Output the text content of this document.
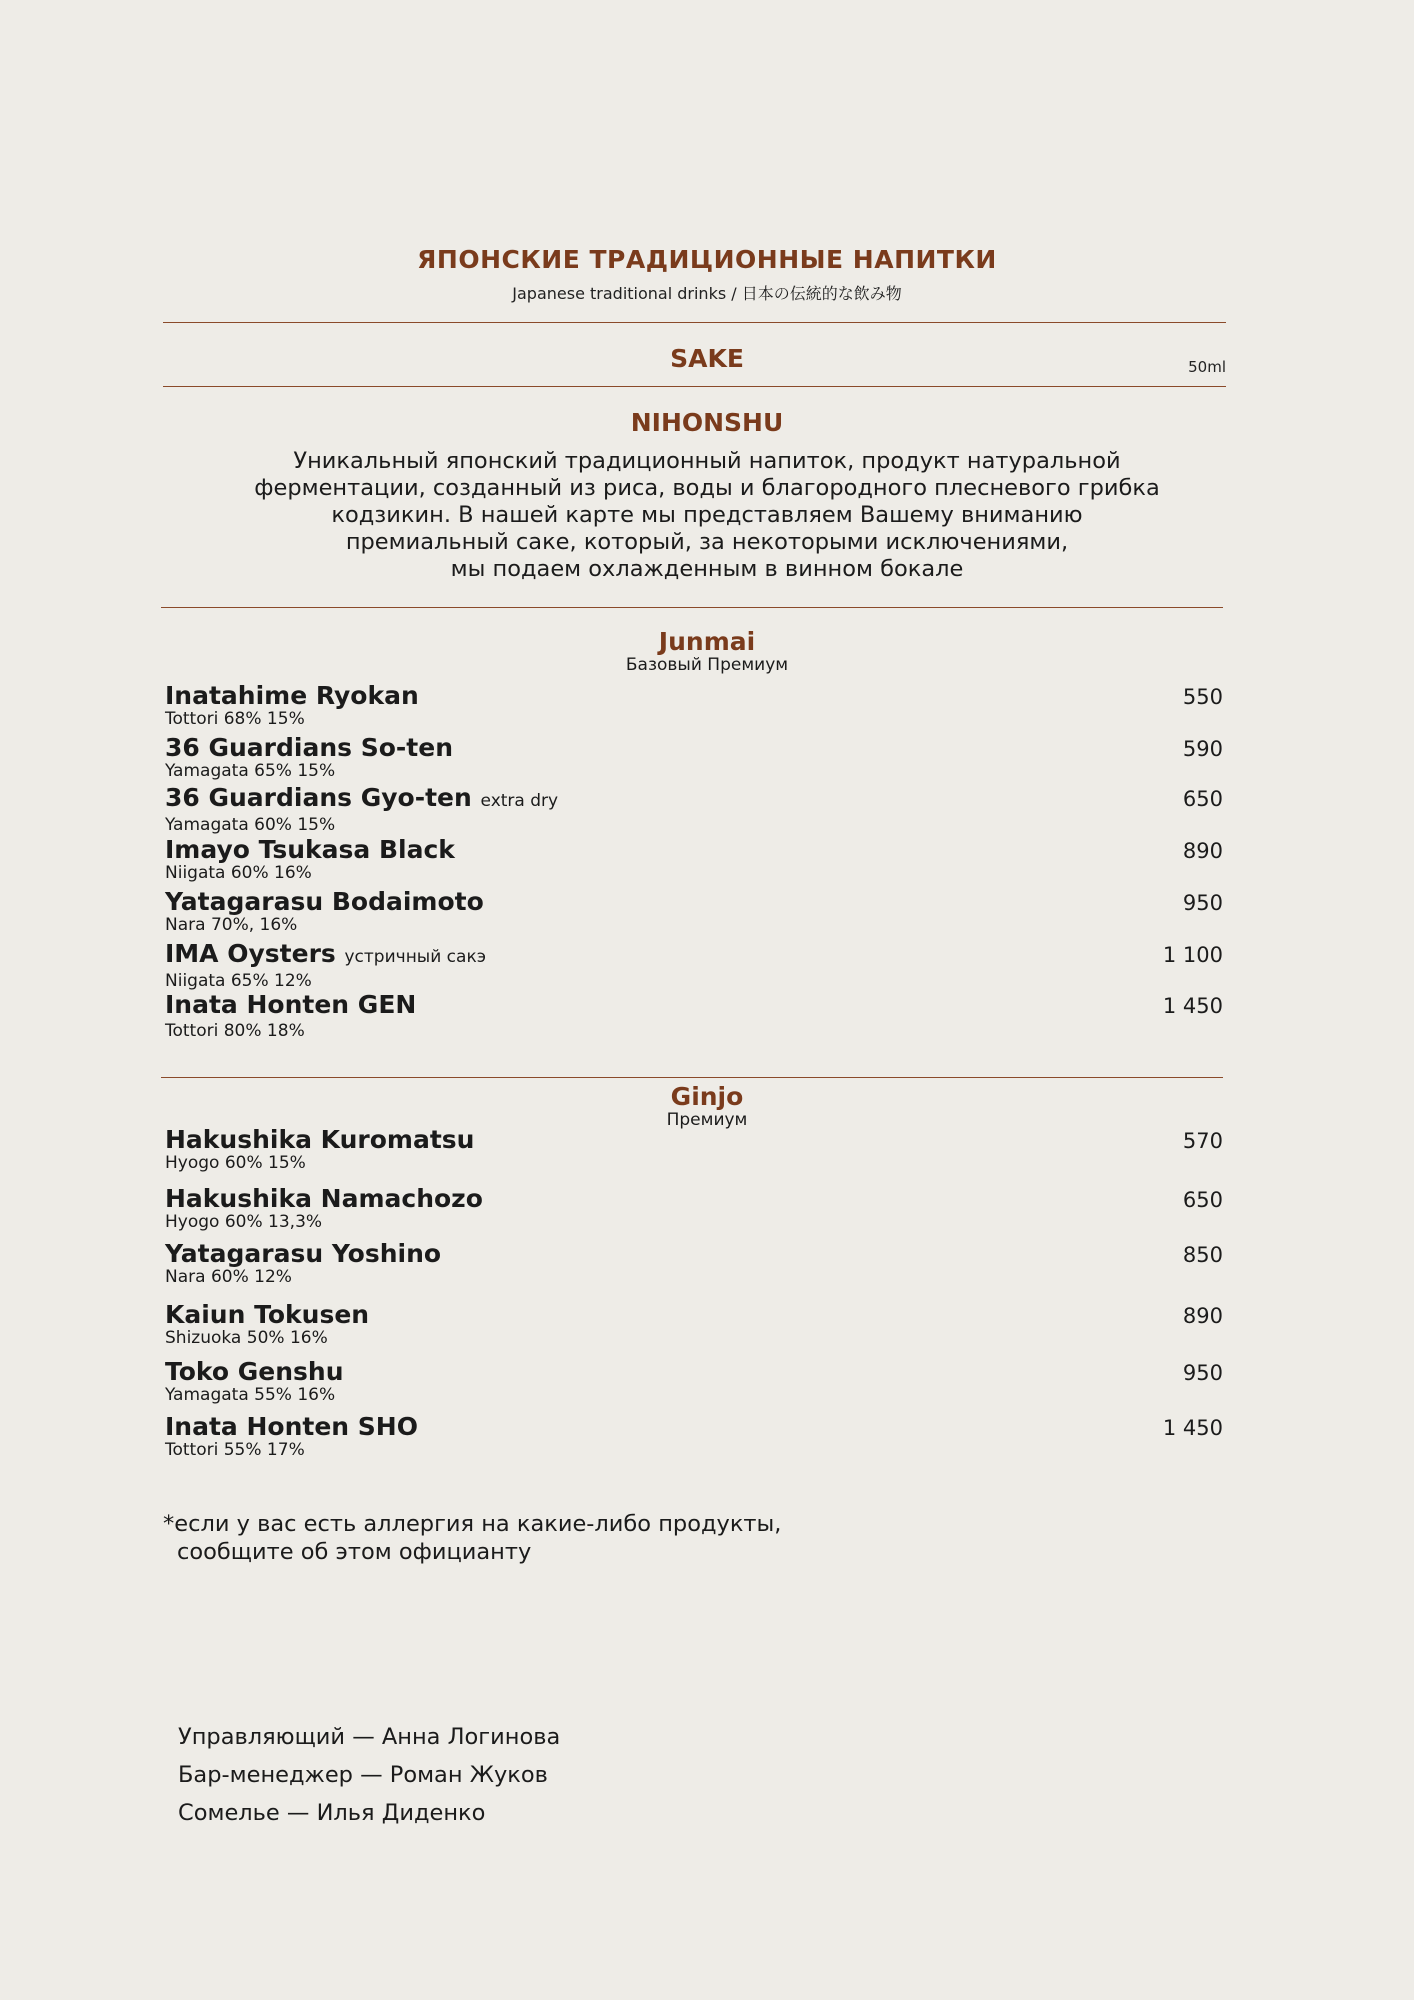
ЯПОНСКИЕ ТРАДИЦИОННЫЕ НАПИТКИ
Japanese traditional drinks / 日本の伝統的な飲み物
SAKE	50ml
NIHONSHU
Уникальный японский традиционный напиток, продукт натуральной
ферментации, созданный из риса, воды и благородного плесневого грибка
кодзикин. В нашей карте мы представляем Вашему вниманию
премиальный саке, который, за некоторыми исключениями,
мы подаем охлажденным в винном бокале
Junmai
Базовый Премиум
Inatahime Ryokan
Tottori 68% 15%
550
36 Guardians So-ten
Yamagata 65% 15%
590
36 Guardians Gyo-ten extra dry
Yamagata 60% 15%
650
Imayo Tsukasa Black
Niigata 60% 16%
890
Yatagarasu Bodaimoto
Nara 70%, 16%
950
IMA Oysters устричный сакэ
Niigata 65% 12%
1 100
Inata Honten GEN
Tottori 80% 18%
1 450
Ginjo
Премиум
Hakushika Kuromatsu
Hyogo 60% 15%
570
Hakushika Namachozo
Hyogo 60% 13,3%
650
Yatagarasu Yoshino
Nara 60% 12%
850
Kaiun Tokusen
Shizuoka 50% 16%
890
Toko Genshu
Yamagata 55% 16%
950
Inata Honten SHO
Tottori 55% 17%
1 450
*если у вас есть аллергия на какие-либо продукты,
сообщите об этом официанту
Управляющий — Анна Логинова
Бар-менеджер — Роман Жуков
Сомелье — Илья Диденко
